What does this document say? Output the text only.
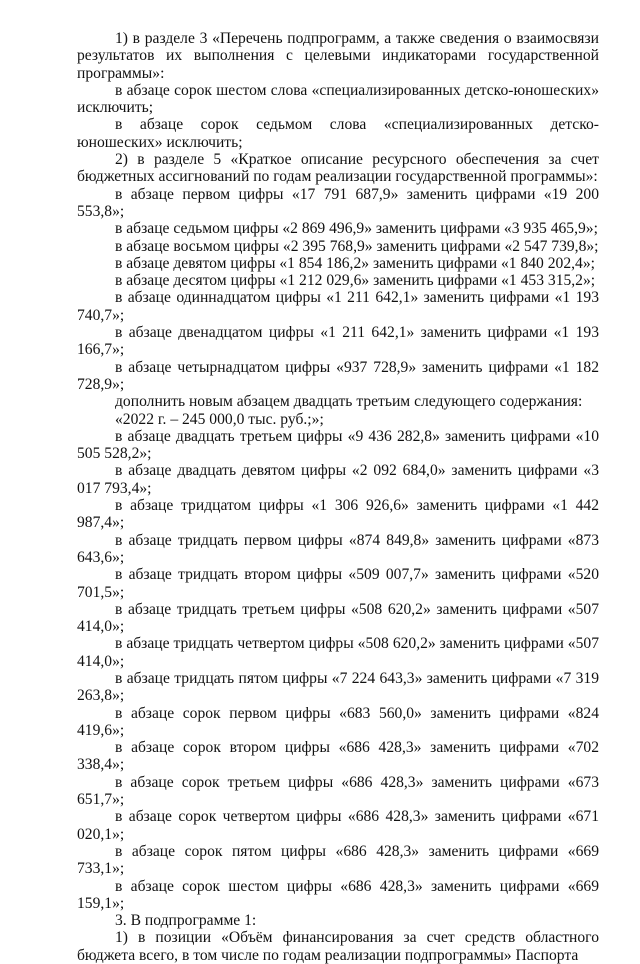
1) в разделе 3 «Перечень подпрограмм, а также сведения о взаимосвязи результатов их выполнения с целевыми индикаторами государственной программы»:

в абзаце сорок шестом слова «специализированных детско-юношеских» исключить;

в абзаце сорок седьмом слова «специализированных детско-юношеских» исключить;

2) в разделе 5 «Краткое описание ресурсного обеспечения за счет бюджетных ассигнований по годам реализации государственной программы»:

в абзаце первом цифры «17 791 687,9» заменить цифрами «19 200 553,8»;

в абзаце седьмом цифры «2 869 496,9» заменить цифрами «3 935 465,9»;

в абзаце восьмом цифры «2 395 768,9» заменить цифрами «2 547 739,8»;

в абзаце девятом цифры «1 854 186,2» заменить цифрами «1 840 202,4»;

в абзаце десятом цифры «1 212 029,6» заменить цифрами «1 453 315,2»;

в абзаце одиннадцатом цифры «1 211 642,1» заменить цифрами «1 193 740,7»;

в абзаце двенадцатом цифры «1 211 642,1» заменить цифрами «1 193 166,7»;

в абзаце четырнадцатом цифры «937 728,9» заменить цифрами «1 182 728,9»;

дополнить новым абзацем двадцать третьим следующего содержания:

«2022 г. – 245 000,0 тыс. руб.;»;

в абзаце двадцать третьем цифры «9 436 282,8» заменить цифрами «10 505 528,2»;

в абзаце двадцать девятом цифры «2 092 684,0» заменить цифрами «3 017 793,4»;

в абзаце тридцатом цифры «1 306 926,6» заменить цифрами «1 442 987,4»;

в абзаце тридцать первом цифры «874 849,8» заменить цифрами «873 643,6»;

в абзаце тридцать втором цифры «509 007,7» заменить цифрами «520 701,5»;

в абзаце тридцать третьем цифры «508 620,2» заменить цифрами «507 414,0»;

в абзаце тридцать четвертом цифры «508 620,2» заменить цифрами «507 414,0»;

в абзаце тридцать пятом цифры «7 224 643,3» заменить цифрами «7 319 263,8»;

в абзаце сорок первом цифры «683 560,0» заменить цифрами «824 419,6»;

в абзаце сорок втором цифры «686 428,3» заменить цифрами «702 338,4»;

в абзаце сорок третьем цифры «686 428,3» заменить цифрами «673 651,7»;

в абзаце сорок четвертом цифры «686 428,3» заменить цифрами «671 020,1»;

в абзаце сорок пятом цифры «686 428,3» заменить цифрами «669 733,1»;

в абзаце сорок шестом цифры «686 428,3» заменить цифрами «669 159,1»;

3. В подпрограмме 1:

1) в позиции «Объём финансирования за счет средств областного бюджета всего, в том числе по годам реализации подпрограммы» Паспорта
